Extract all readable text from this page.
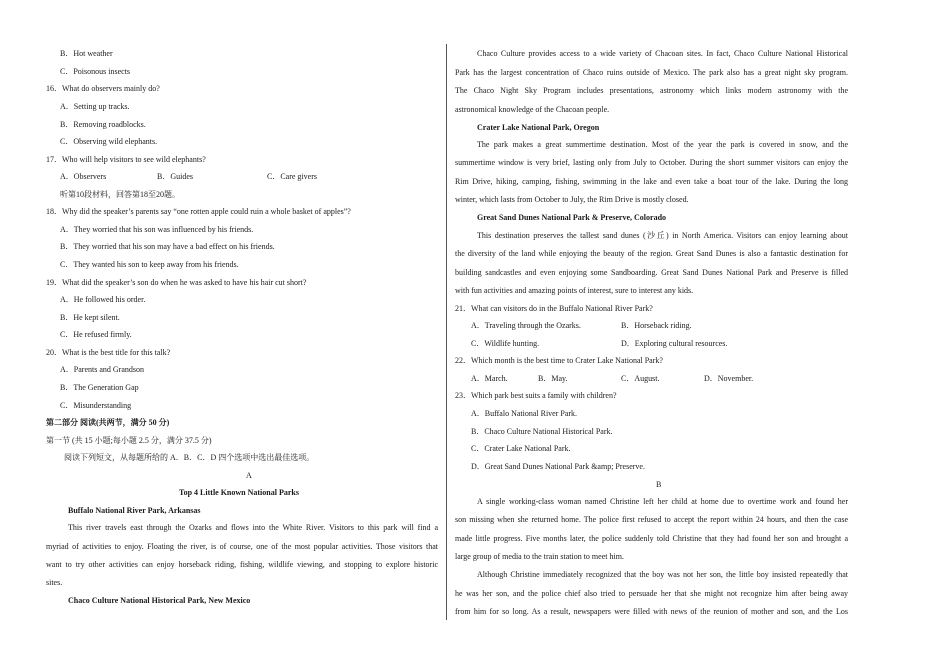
B．Hot weather
C．Poisonous insects
16．What do observers mainly do?
A．Setting up tracks.
B．Removing roadblocks.
C．Observing wild elephants.
17．Who will help visitors to see wild elephants?
A．Observers	B．Guides	C．Care givers
听第10段材料，回答第18至20题。
18．Why did the speaker’s parents say “one rotten apple could ruin a whole basket of apples”?
A．They worried that his son was influenced by his friends.
B．They worried that his son may have a bad effect on his friends.
C．They wanted his son to keep away from his friends.
19．What did the speaker’s son do when he was asked to have his hair cut short?
A．He followed his order.
B．He kept silent.
C．He refused firmly.
20．What is the best title for this talk?
A．Parents and Grandson
B．The Generation Gap
C．Misunderstanding
第二部分 阅读(共两节，满分 50 分)
第一节 (共 15 小题;每小题 2.5 分，满分 37.5 分)
阅读下列短文，从每题所给的 A．B．C．D 四个选项中选出最佳选项。
A
Top 4 Little Known National Parks
Buffalo National River Park, Arkansas
This river travels east through the Ozarks and flows into the White River. Visitors to this park will find a
myriad of activities to enjoy. Floating the river, is of course, one of the most popular activities. Those visitors that
want to try other activities can enjoy horseback riding, fishing, wildlife viewing, and stopping to explore historic
sites.
Chaco Culture National Historical Park, New Mexico
Chaco Culture provides access to a wide variety of Chacoan sites. In fact, Chaco Culture National Historical
Park has the largest concentration of Chaco ruins outside of Mexico. The park also has a great night sky program.
The Chaco Night Sky Program includes presentations, astronomy which links modern astronomy with the
astronomical knowledge of the Chacoan people.
Crater Lake National Park, Oregon
The park makes a great summertime destination. Most of the year the park is covered in snow, and the
summertime window is very brief, lasting only from July to October. During the short summer visitors can enjoy the
Rim Drive, hiking, camping, fishing, swimming in the lake and even take a boat tour of the lake. During the long
winter, which lasts from October to July, the Rim Drive is mostly closed.
Great Sand Dunes National Park & Preserve, Colorado
This destination preserves the tallest sand dunes (沙丘) in North America. Visitors can enjoy learning about
the diversity of the land while enjoying the beauty of the region. Great Sand Dunes is also a fantastic destination for
building sandcastles and even enjoying some Sandboarding. Great Sand Dunes National Park and Preserve is filled
with fun activities and amazing points of interest, sure to interest any kids.
21．What can visitors do in the Buffalo National River Park?
A．Traveling through the Ozarks.	B．Horseback riding.
C．Wildlife hunting.	D．Exploring cultural resources.
22．Which month is the best time to Crater Lake National Park?
A．March.	B．May.	C．August.	D．November.
23．Which park best suits a family with children?
A．Buffalo National River Park.
B．Chaco Culture National Historical Park.
C．Crater Lake National Park.
D．Great Sand Dunes National Park &amp; Preserve.
B
A single working-class woman named Christine left her child at home due to overtime work and found her
son missing when she returned home. The police first refused to accept the report within 24 hours, and then the case
made little progress. Five months later, the police suddenly told Christine that they had found her son and brought a
large group of media to the train station to meet him.
Although Christine immediately recognized that the boy was not her son, the little boy insisted repeatedly that
he was her son, and the police chief also tried to persuade her that she might not recognize him after being away
from him for so long. As a result, newspapers were filled with news of the reunion of mother and son, and the Los
